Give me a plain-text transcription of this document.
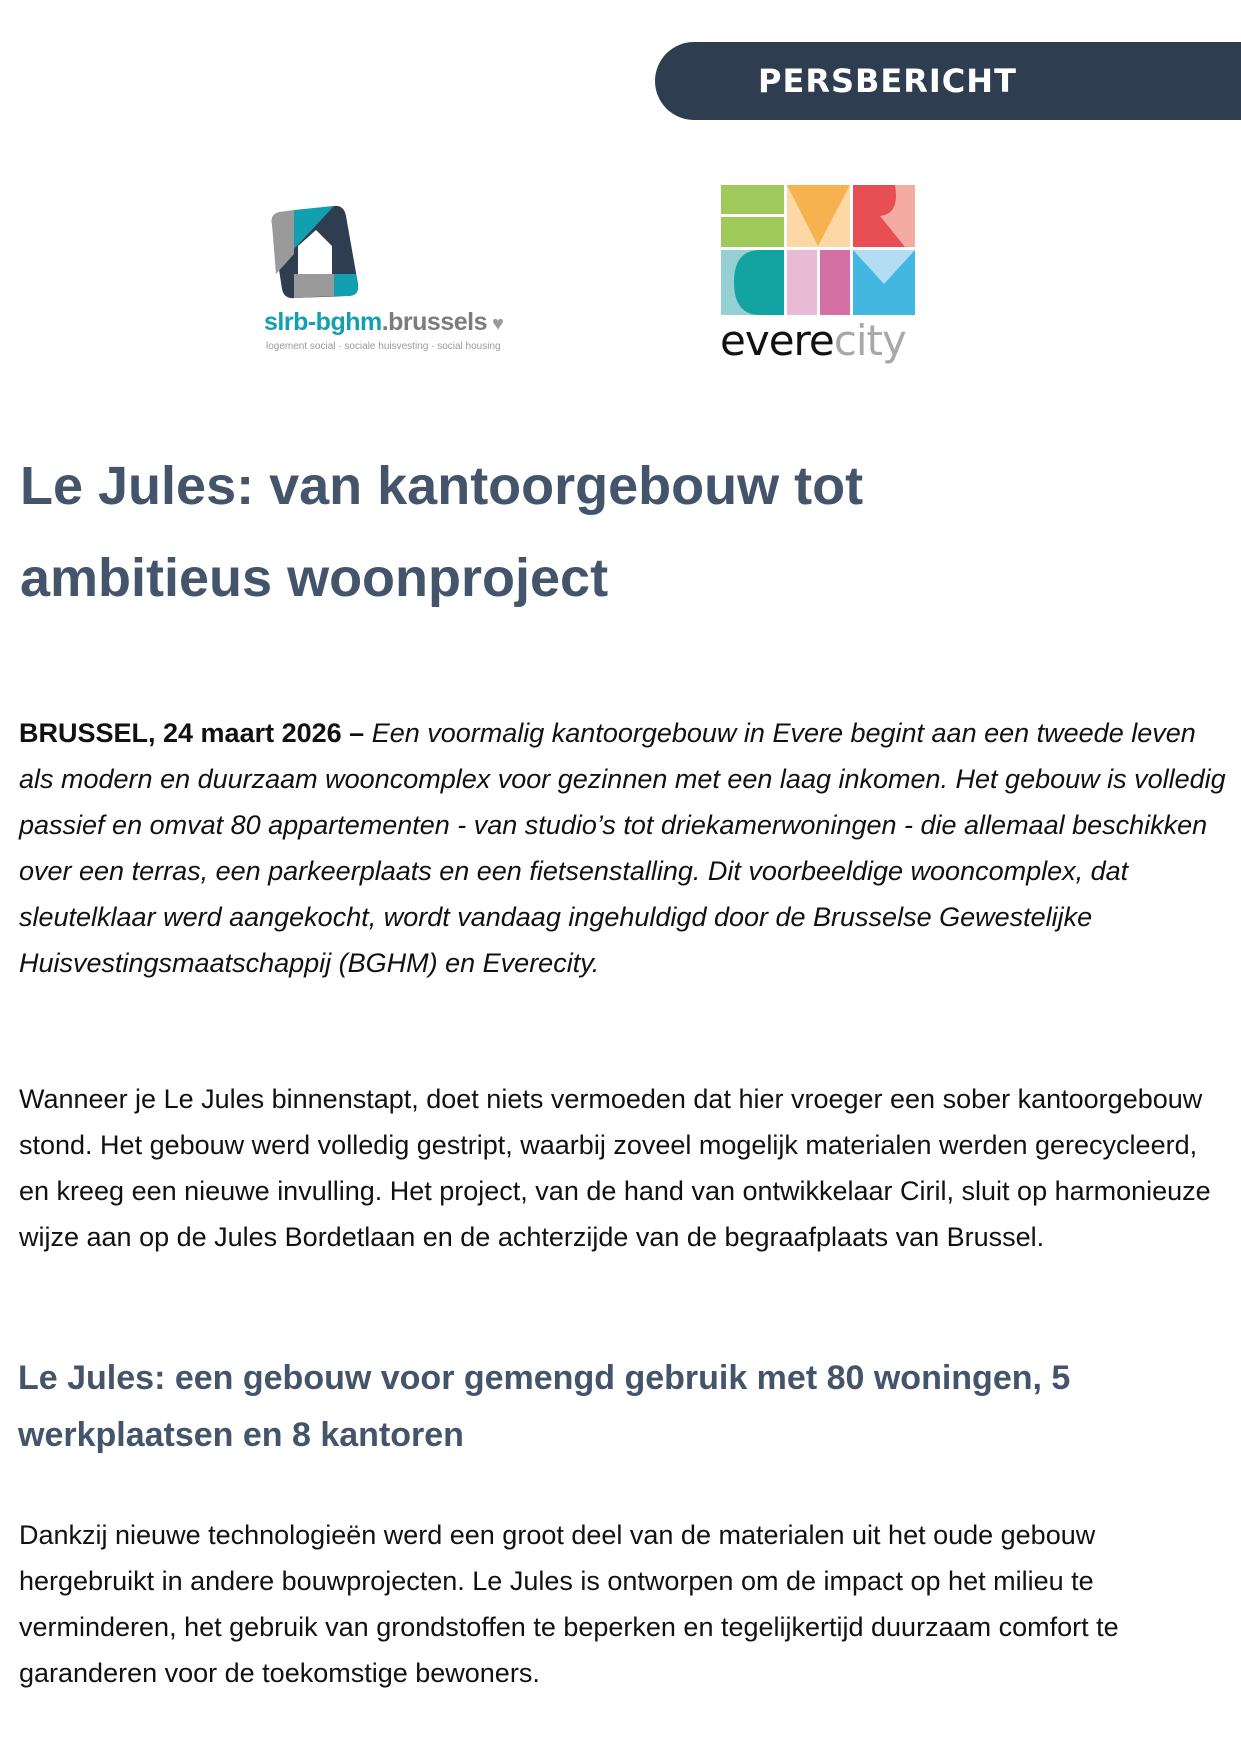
PERSBERICHT
slrb-bghm.brussels ♥
logement social · sociale huisvesting · social housing	everecity
Le Jules: van kantoorgebouw tot ambitieus woonproject

BRUSSEL, 24 maart 2026 – Een voormalig kantoorgebouw in Evere begint aan een tweede leven als modern en duurzaam wooncomplex voor gezinnen met een laag inkomen. Het gebouw is volledig passief en omvat 80 appartementen - van studio’s tot driekamerwoningen - die allemaal beschikken over een terras, een parkeerplaats en een fietsenstalling. Dit voorbeeldige wooncomplex, dat sleutelklaar werd aangekocht, wordt vandaag ingehuldigd door de Brusselse Gewestelijke Huisvestingsmaatschappij (BGHM) en Everecity.

Wanneer je Le Jules binnenstapt, doet niets vermoeden dat hier vroeger een sober kantoorgebouw stond. Het gebouw werd volledig gestript, waarbij zoveel mogelijk materialen werden gerecycleerd, en kreeg een nieuwe invulling. Het project, van de hand van ontwikkelaar Ciril, sluit op harmonieuze wijze aan op de Jules Bordetlaan en de achterzijde van de begraafplaats van Brussel.

Le Jules: een gebouw voor gemengd gebruik met 80 woningen, 5 werkplaatsen en 8 kantoren

Dankzij nieuwe technologieën werd een groot deel van de materialen uit het oude gebouw hergebruikt in andere bouwprojecten. Le Jules is ontworpen om de impact op het milieu te verminderen, het gebruik van grondstoffen te beperken en tegelijkertijd duurzaam comfort te garanderen voor de toekomstige bewoners.
